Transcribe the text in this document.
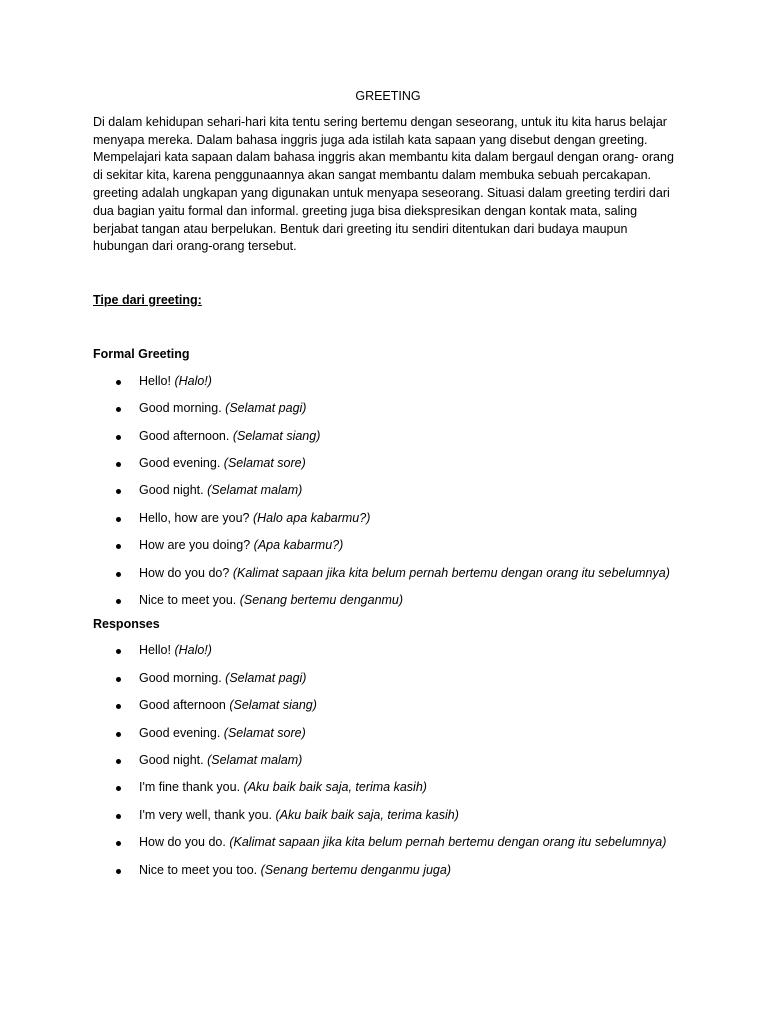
GREETING

Di dalam kehidupan sehari-hari kita tentu sering bertemu dengan seseorang, untuk itu kita harus belajar menyapa mereka. Dalam bahasa inggris juga ada istilah kata sapaan yang disebut dengan greeting. Mempelajari kata sapaan dalam bahasa inggris akan membantu kita dalam bergaul dengan orang- orang di sekitar kita, karena penggunaannya akan sangat membantu dalam membuka sebuah percakapan. greeting adalah ungkapan yang digunakan untuk menyapa seseorang. Situasi dalam greeting terdiri dari dua bagian yaitu formal dan informal. greeting juga bisa diekspresikan dengan kontak mata, saling berjabat tangan atau berpelukan. Bentuk dari greeting itu sendiri ditentukan dari budaya maupun hubungan dari orang-orang tersebut.

Tipe dari greeting:

Formal Greeting

Hello! (Halo!)
Good morning. (Selamat pagi)
Good afternoon. (Selamat siang)
Good evening. (Selamat sore)
Good night. (Selamat malam)
Hello, how are you? (Halo apa kabarmu?)
How are you doing? (Apa kabarmu?)
How do you do? (Kalimat sapaan jika kita belum pernah bertemu dengan orang itu sebelumnya)
Nice to meet you. (Senang bertemu denganmu)

Responses

Hello! (Halo!)
Good morning. (Selamat pagi)
Good afternoon (Selamat siang)
Good evening. (Selamat sore)
Good night. (Selamat malam)
I'm fine thank you. (Aku baik baik saja, terima kasih)
I'm very well, thank you. (Aku baik baik saja, terima kasih)
How do you do. (Kalimat sapaan jika kita belum pernah bertemu dengan orang itu sebelumnya)
Nice to meet you too. (Senang bertemu denganmu juga)
